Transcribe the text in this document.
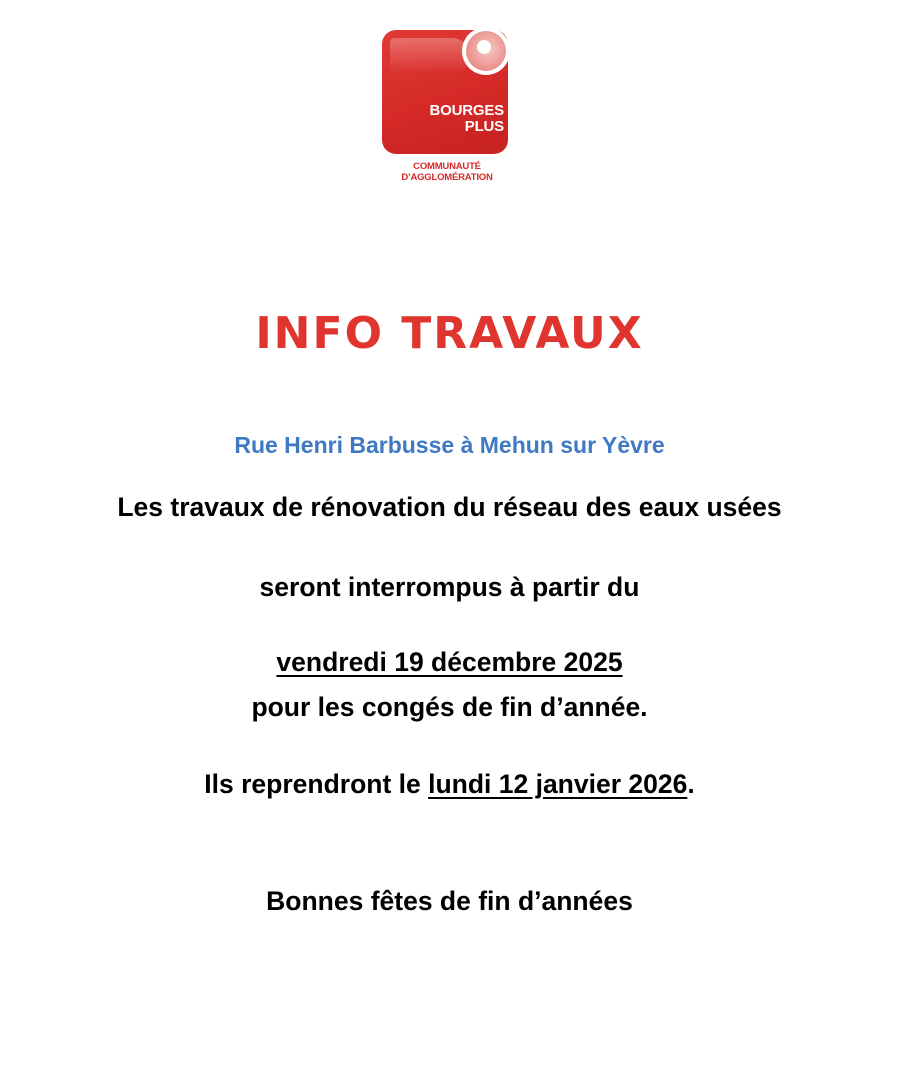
BOURGES
PLUS
COMMUNAUTÉ
D’AGGLOMÉRATION
INFO TRAVAUX
Rue Henri Barbusse à Mehun sur Yèvre
Les travaux de rénovation du réseau des eaux usées
seront interrompus à partir du
vendredi 19 décembre 2025
pour les congés de fin d’année.
Ils reprendront le lundi 12 janvier 2026.
Bonnes fêtes de fin d’années
